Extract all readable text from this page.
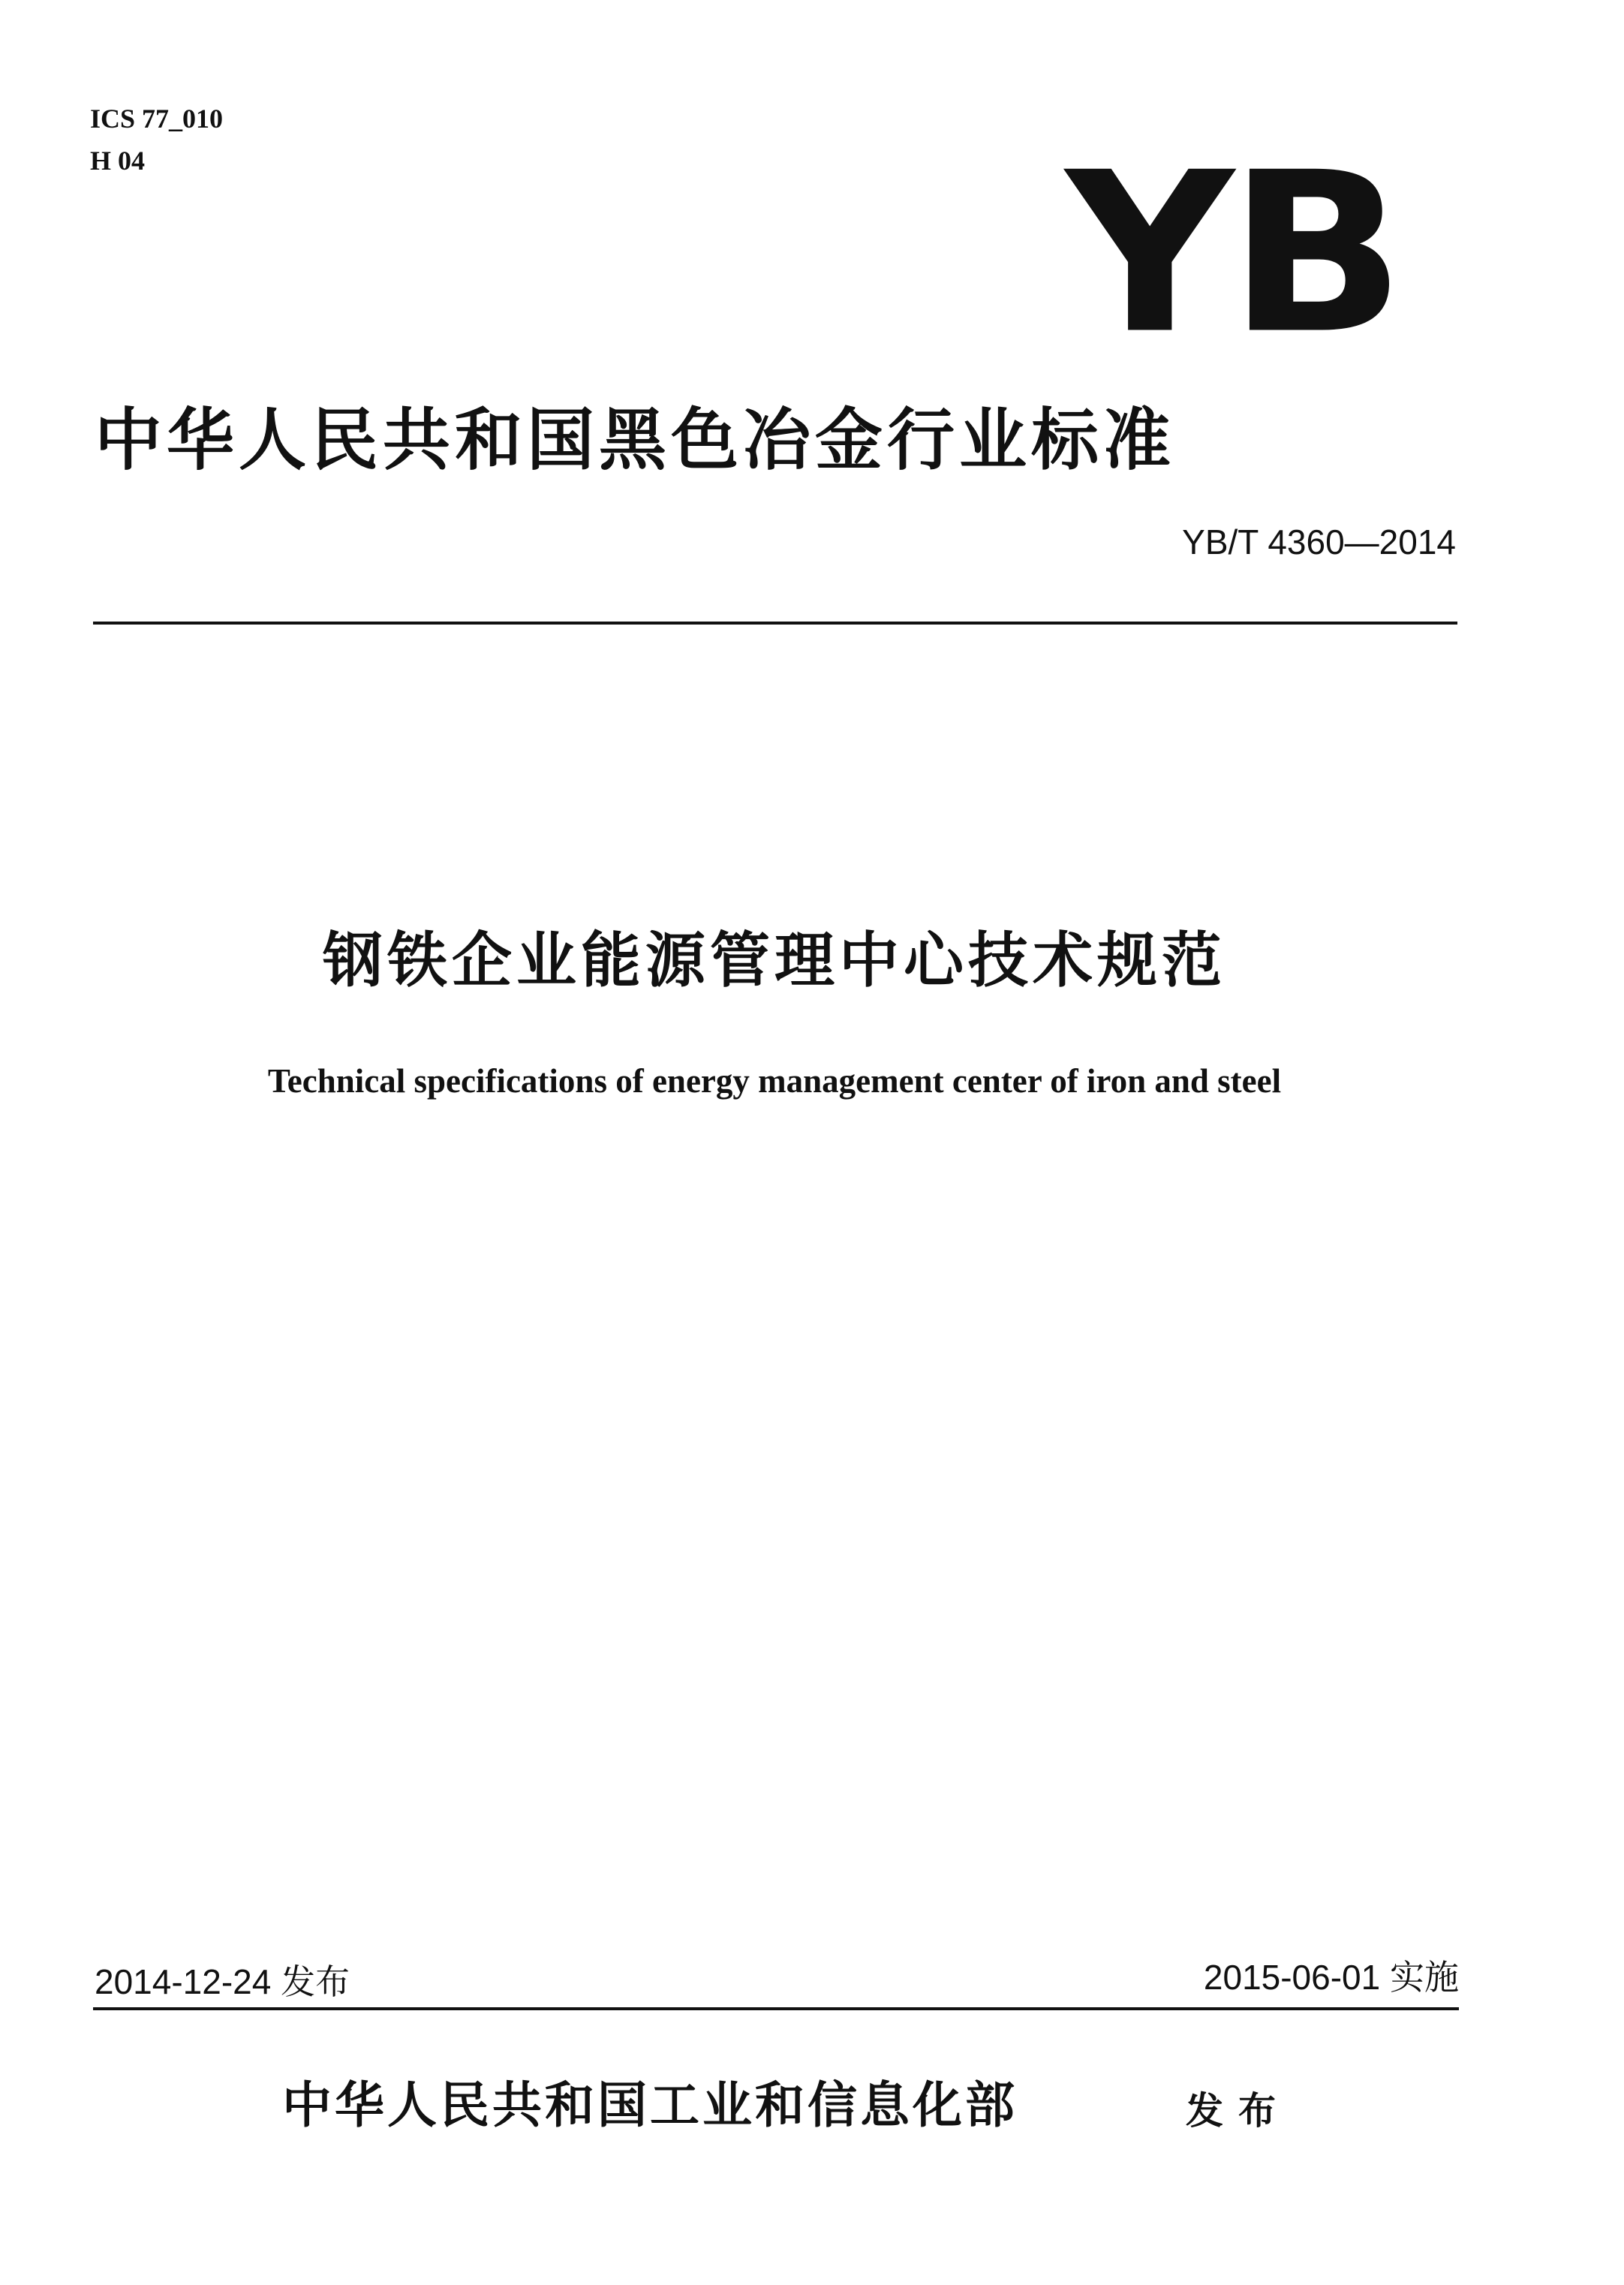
ICS 77_010
H 04	YB
中华人民共和国黑色冶金行业标准
YB/T 4360—2014
钢铁企业能源管理中心技术规范
Technical specifications of energy management center of iron and steel
2014-12-24 发布	2015-06-01 实施
中华人民共和国工业和信息化部	发布
